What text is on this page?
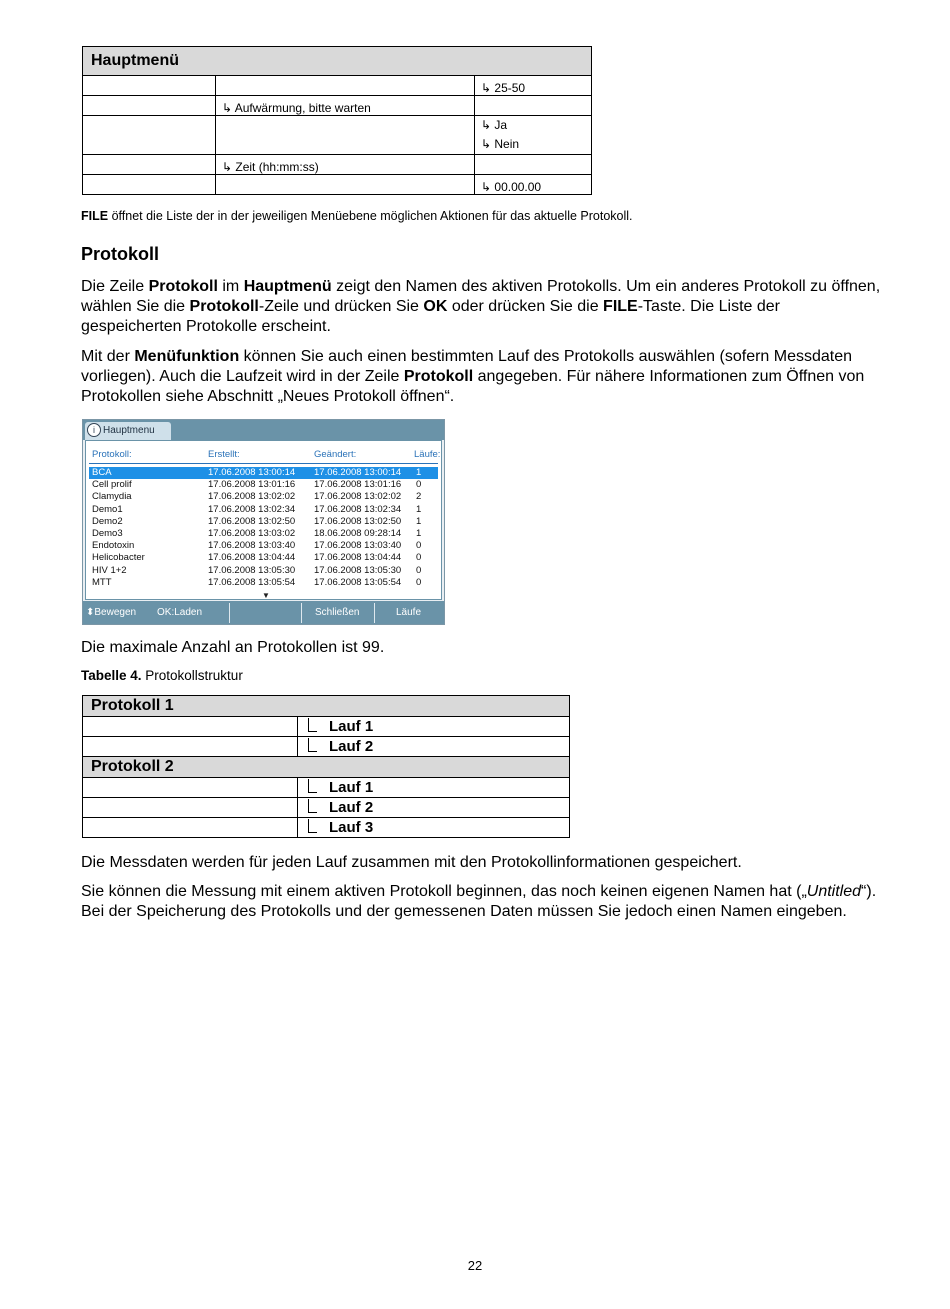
Hauptmenü		
		↳ 25-50
	↳ Aufwärmung, bitte warten	

		↳ Ja
↳ Nein

	↳ Zeit (hh:mm:ss)	
		↳ 00.00.00
FILE öffnet die Liste der in der jeweiligen Menüebene möglichen Aktionen für das aktuelle Protokoll.
Protokoll

Die Zeile Protokoll im Hauptmenü zeigt den Namen des aktiven Protokolls. Um ein anderes Protokoll zu öffnen, wählen Sie die Protokoll-Zeile und drücken Sie OK oder drücken Sie die FILE-Taste. Die Liste der gespeicherten Protokolle erscheint.

Mit der Menüfunktion können Sie auch einen bestimmten Lauf des Protokolls auswählen (sofern Messdaten vorliegen). Auch die Laufzeit wird in der Zeile Protokoll angegeben. Für nähere Informationen zum Öffnen von Protokollen siehe Abschnitt „Neues Protokoll öffnen“.

Hauptmenu
i
Protokoll:	Erstellt:	Geändert:	Läufe:
BCA	17.06.2008 13:00:14 17.06.2008 13:00:14 1
Cell prolif	17.06.2008 13:01:16 17.06.2008 13:01:16 0
Clamydia	17.06.2008 13:02:02 17.06.2008 13:02:02 2
Demo1	17.06.2008 13:02:34 17.06.2008 13:02:34 1
Demo2	17.06.2008 13:02:50 17.06.2008 13:02:50 1
Demo3	17.06.2008 13:03:02 18.06.2008 09:28:14 1
Endotoxin	17.06.2008 13:03:40 17.06.2008 13:03:40 0
Helicobacter	17.06.2008 13:04:44 17.06.2008 13:04:44 0
HIV 1+2	17.06.2008 13:05:30 17.06.2008 13:05:30 0
MTT	17.06.2008 13:05:54 17.06.2008 13:05:54 0
▼
⬍Bewegen OK:Laden	Schließen	Läufe

Die maximale Anzahl an Protokollen ist 99.

Tabelle 4. Protokollstruktur
Protokoll 1	
	Lauf 1
	Lauf 2
Protokoll 2	
	Lauf 1
	Lauf 2
	Lauf 3

Die Messdaten werden für jeden Lauf zusammen mit den Protokollinformationen gespeichert.

Sie können die Messung mit einem aktiven Protokoll beginnen, das noch keinen eigenen Namen hat („Untitled“). Bei der Speicherung des Protokolls und der gemessenen Daten müssen Sie jedoch einen Namen eingeben.

22
